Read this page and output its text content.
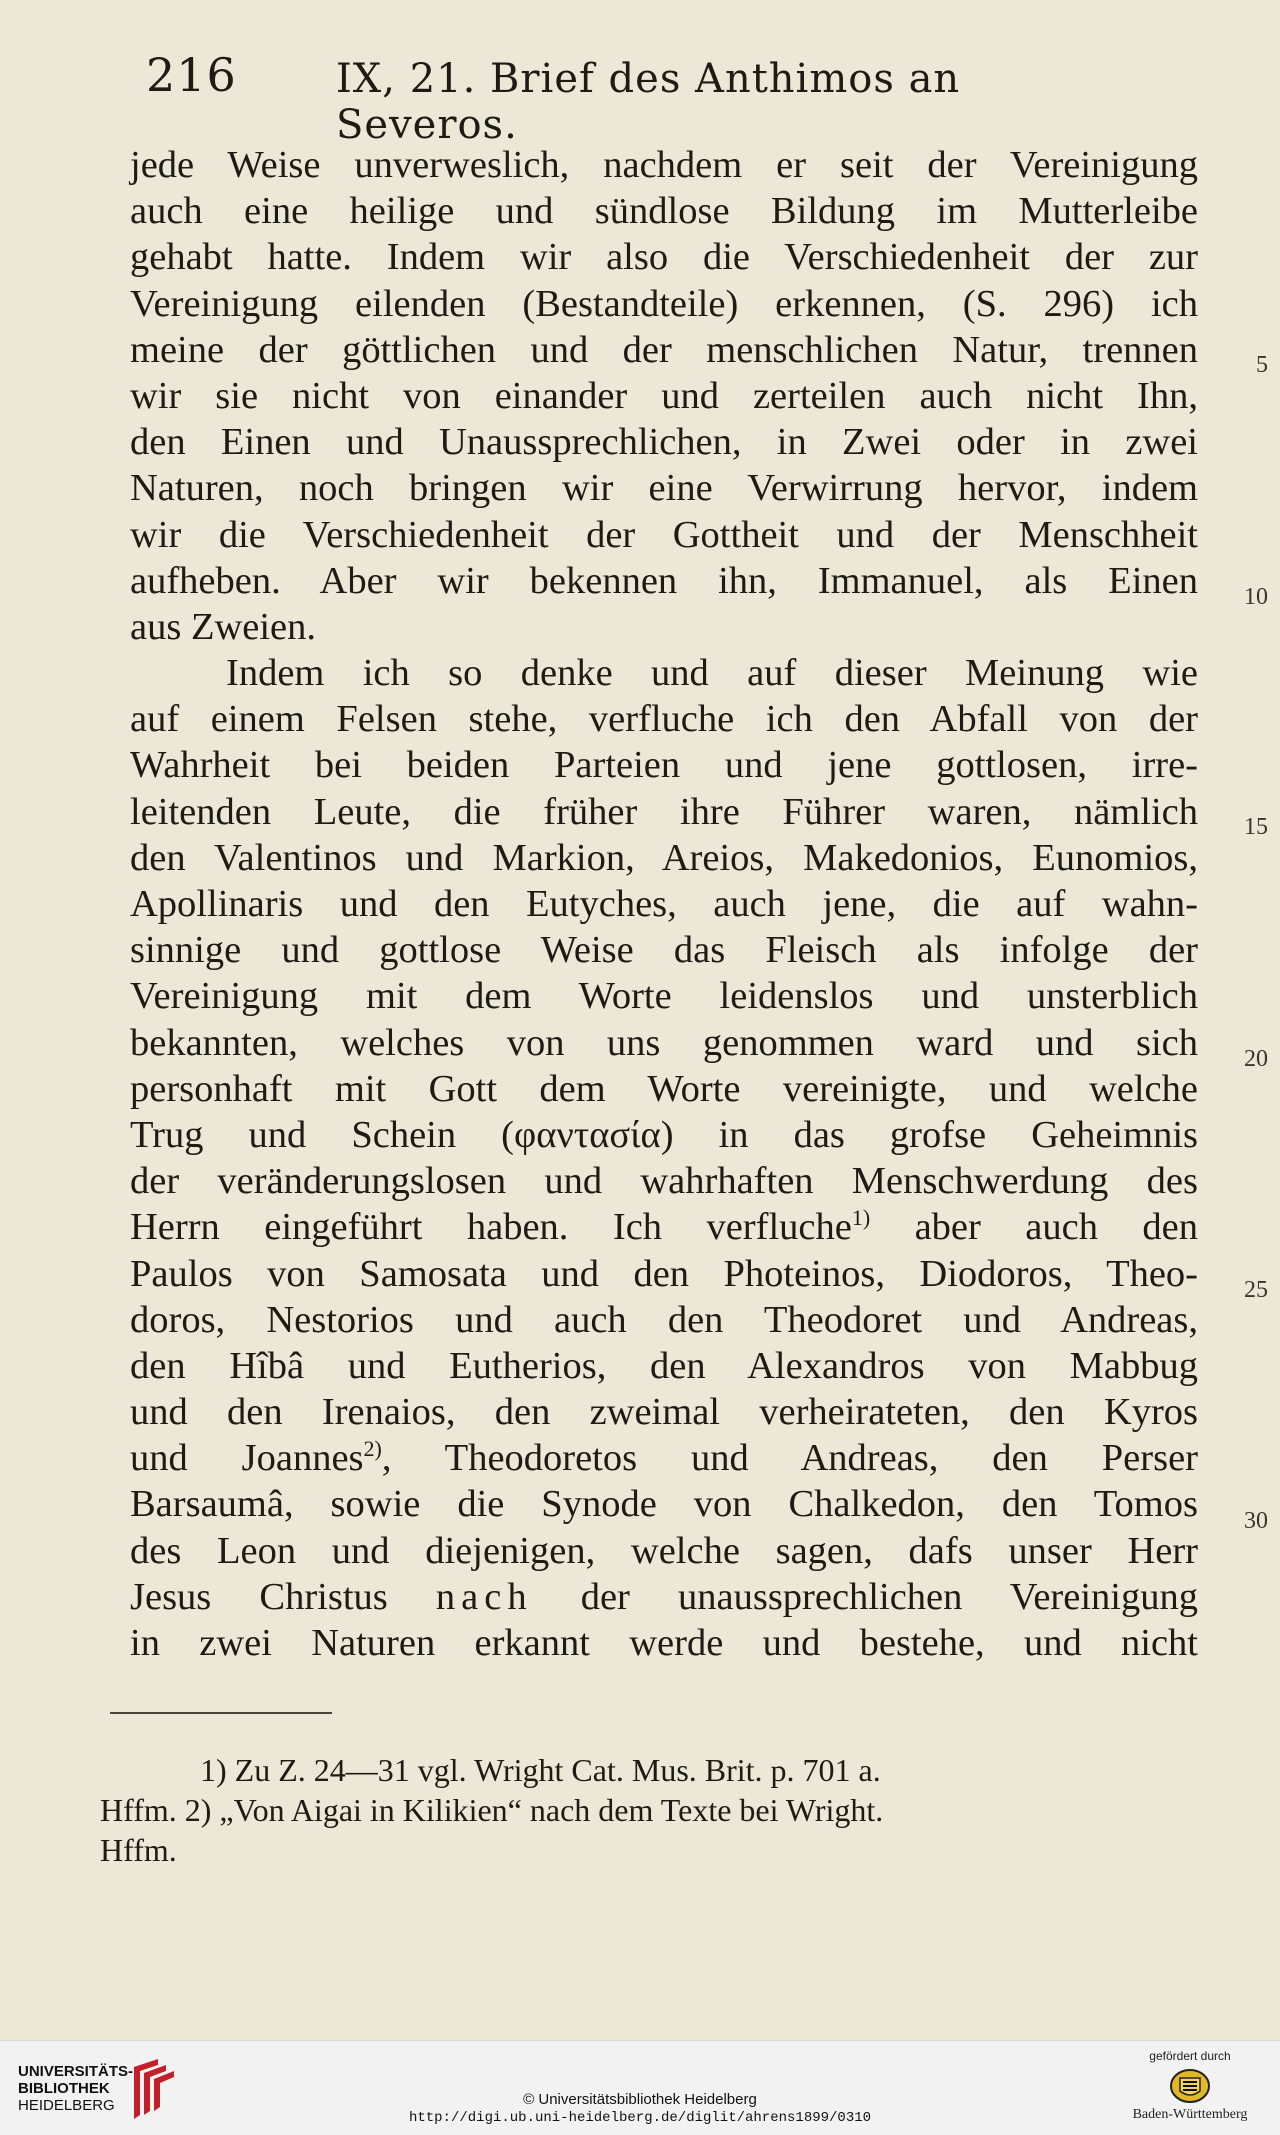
216 IX, 21. Brief des Anthimos an Severos.
jede Weise unverweslich, nachdem er seit der Vereinigung
auch eine heilige und sündlose Bildung im Mutterleibe
gehabt hatte. Indem wir also die Verschiedenheit der zur
Vereinigung eilenden (Bestandteile) erkennen, (S. 296) ich
meine der göttlichen und der menschlichen Natur, trennen
wir sie nicht von einander und zerteilen auch nicht Ihn,
den Einen und Unaussprechlichen, in Zwei oder in zwei
Naturen, noch bringen wir eine Verwirrung hervor, indem
wir die Verschiedenheit der Gottheit und der Menschheit
aufheben. Aber wir bekennen ihn, Immanuel, als Einen
aus Zweien.
Indem ich so denke und auf dieser Meinung wie
auf einem Felsen stehe, verfluche ich den Abfall von der
Wahrheit bei beiden Parteien und jene gottlosen, irre-
leitenden Leute, die früher ihre Führer waren, nämlich
den Valentinos und Markion, Areios, Makedonios, Eunomios,
Apollinaris und den Eutyches, auch jene, die auf wahn-
sinnige und gottlose Weise das Fleisch als infolge der
Vereinigung mit dem Worte leidenslos und unsterblich
bekannten, welches von uns genommen ward und sich
personhaft mit Gott dem Worte vereinigte, und welche
Trug und Schein (φαντασία) in das grofse Geheimnis
der veränderungslosen und wahrhaften Menschwerdung des
Herrn eingeführt haben. Ich verfluche$^{1)}$ aber auch den
Paulos von Samosata und den Photeinos, Diodoros, Theo-
doros, Nestorios und auch den Theodoret und Andreas,
den Hîbâ und Eutherios, den Alexandros von Mabbug
und den Irenaios, den zweimal verheirateten, den Kyros
und Joannes$^{2)}$, Theodoretos und Andreas, den Perser
Barsaumâ, sowie die Synode von Chalkedon, den Tomos
des Leon und diejenigen, welche sagen, dafs unser Herr
Jesus Christus nach der unaussprechlichen Vereinigung
in zwei Naturen erkannt werde und bestehe, und nicht
5
10
15
20
25
30
1) Zu Z. 24—31 vgl. Wright Cat. Mus. Brit. p. 701 a.
Hffm. 2) „Von Aigai in Kilikien“ nach dem Texte bei Wright.
Hffm.
UNIVERSITÄTS-
BIBLIOTHEK
HEIDELBERG	© Universitätsbibliothek Heidelberg
http://digi.ub.uni-heidelberg.de/diglit/ahrens1899/0310
gefördert durch
Baden-Württemberg
